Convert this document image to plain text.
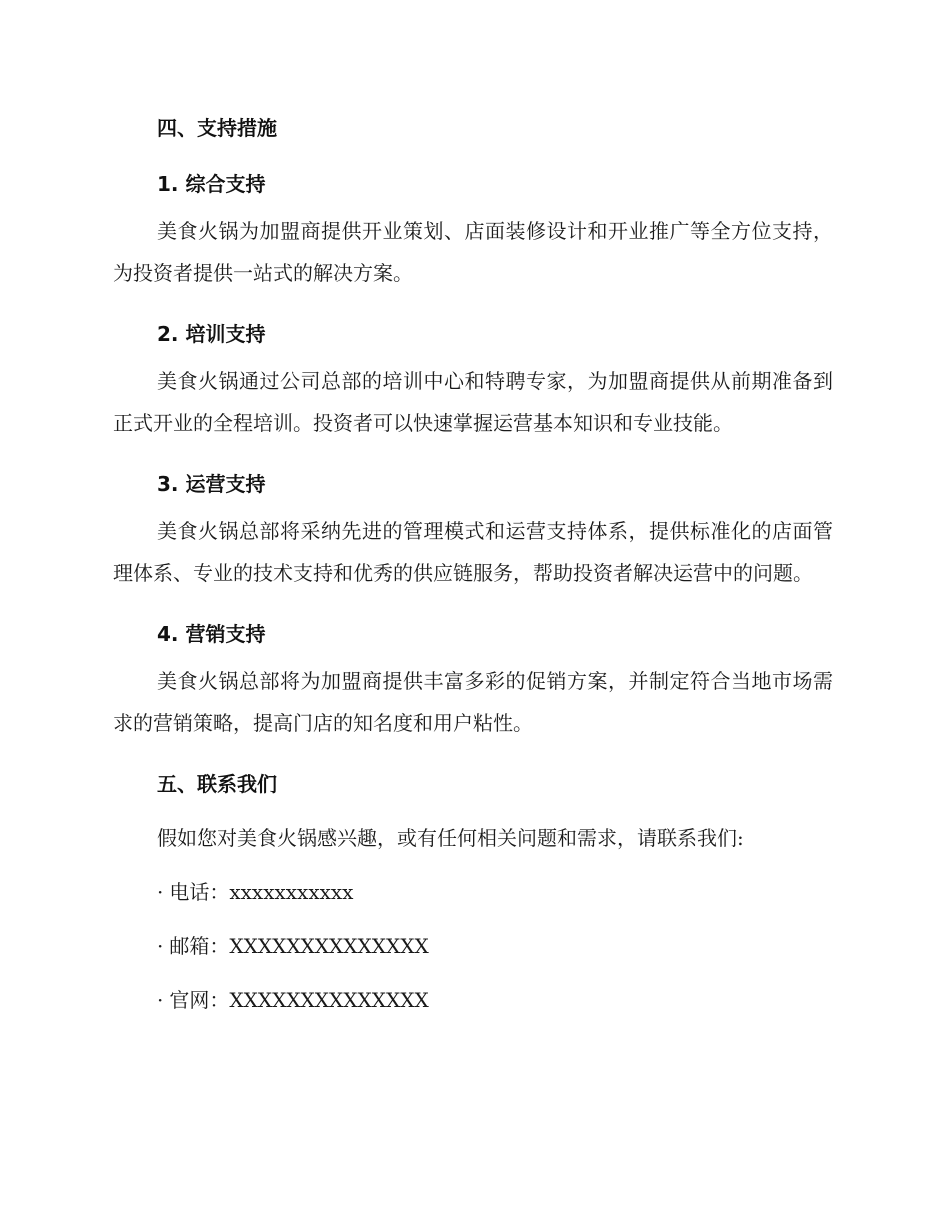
四、支持措施
1. 综合支持

美食火锅为加盟商提供开业策划、店面装修设计和开业推广等全方位支持，为投资者提供一站式的解决方案。

2. 培训支持

美食火锅通过公司总部的培训中心和特聘专家，为加盟商提供从前期准备到正式开业的全程培训。投资者可以快速掌握运营基本知识和专业技能。

3. 运营支持

美食火锅总部将采纳先进的管理模式和运营支持体系，提供标准化的店面管理体系、专业的技术支持和优秀的供应链服务，帮助投资者解决运营中的问题。

4. 营销支持

美食火锅总部将为加盟商提供丰富多彩的促销方案，并制定符合当地市场需求的营销策略，提高门店的知名度和用户粘性。

五、联系我们

假如您对美食火锅感兴趣，或有任何相关问题和需求，请联系我们:

· 电话：xxxxxxxxxxx

· 邮箱：XXXXXXXXXXXXXX

· 官网：XXXXXXXXXXXXXX
